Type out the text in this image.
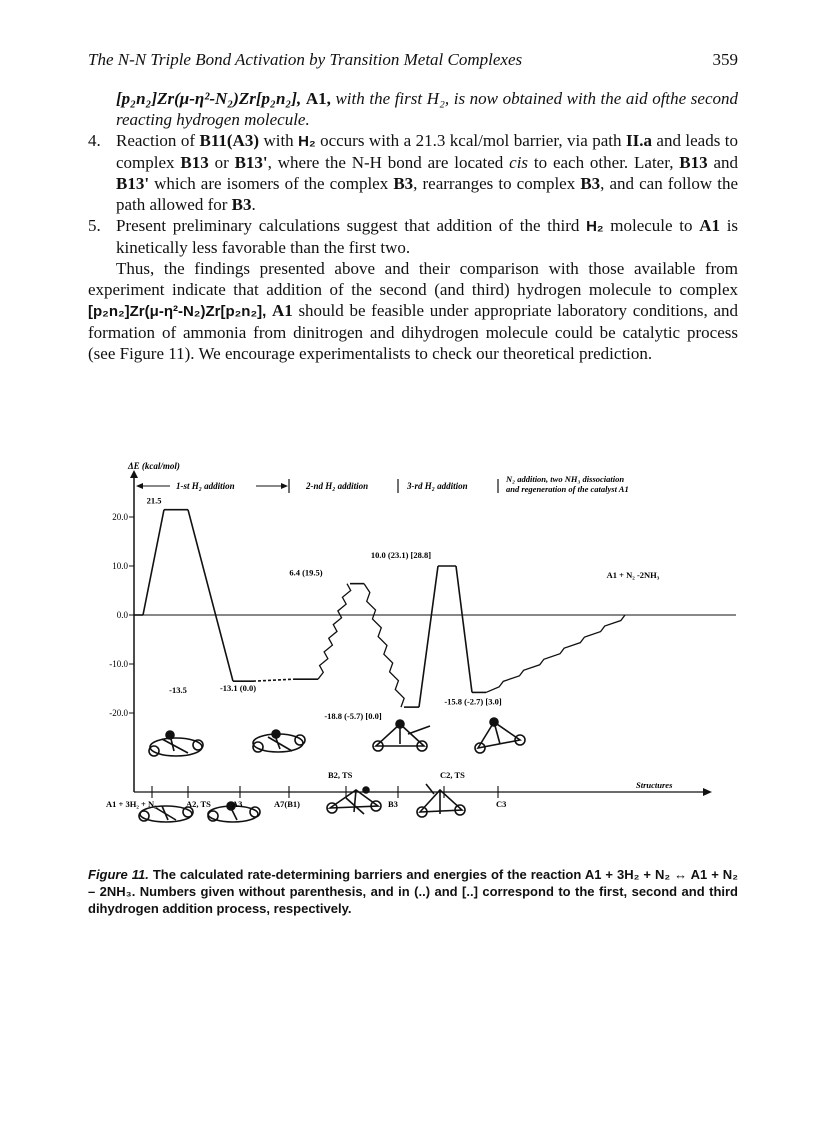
The N-N Triple Bond Activation by Transition Metal Complexes	359
[p₂n₂]Zr(μ-η²-N₂)Zr[p₂n₂], A1, with the first H₂, is now obtained with the aid ofthe second reacting hydrogen molecule.
4. Reaction of B11(A3) with H₂ occurs with a 21.3 kcal/mol barrier, via path II.a and leads to complex B13 or B13', where the N-H bond are located cis to each other. Later, B13 and B13' which are isomers of the complex B3, rearranges to complex B3, and can follow the path allowed for B3.
5. Present preliminary calculations suggest that addition of the third H₂ molecule to A1 is kinetically less favorable than the first two.
Thus, the findings presented above and their comparison with those available from experiment indicate that addition of the second (and third) hydrogen molecule to complex [p₂n₂]Zr(μ-η²-N₂)Zr[p₂n₂], A1 should be feasible under appropriate laboratory conditions, and formation of ammonia from dinitrogen and dihydrogen molecule could be catalytic process (see Figure 11). We encourage experimentalists to check our theoretical prediction.
ΔE (kcal/mol)
1-st H₂ addition	2-nd H₂ addition	3-rd H₂ addition
N₂ addition, two NH₃ dissociation
and regeneration of the catalyst A1
20.0
10.0
0.0
-10.0
-20.0
21.5
-13.5	-13.1 (0.0)
6.4 (19.5)
-18.8 (-5.7) [0.0]
10.0 (23.1) [28.8]
-15.8 (-2.7) [3.0]
A1 + N₂ -2NH₃
A1 + 3H₂ + N₂	A2, TS A3	A7(B1)
B2, TS
B3
C2, TS
C3
Structures
Figure 11. The calculated rate-determining barriers and energies of the reaction A1 + 3H₂ + N₂ ↔ A1 + N₂ – 2NH₃. Numbers given without parenthesis, and in (..) and [..] correspond to the first, second and third dihydrogen addition process, respectively.
